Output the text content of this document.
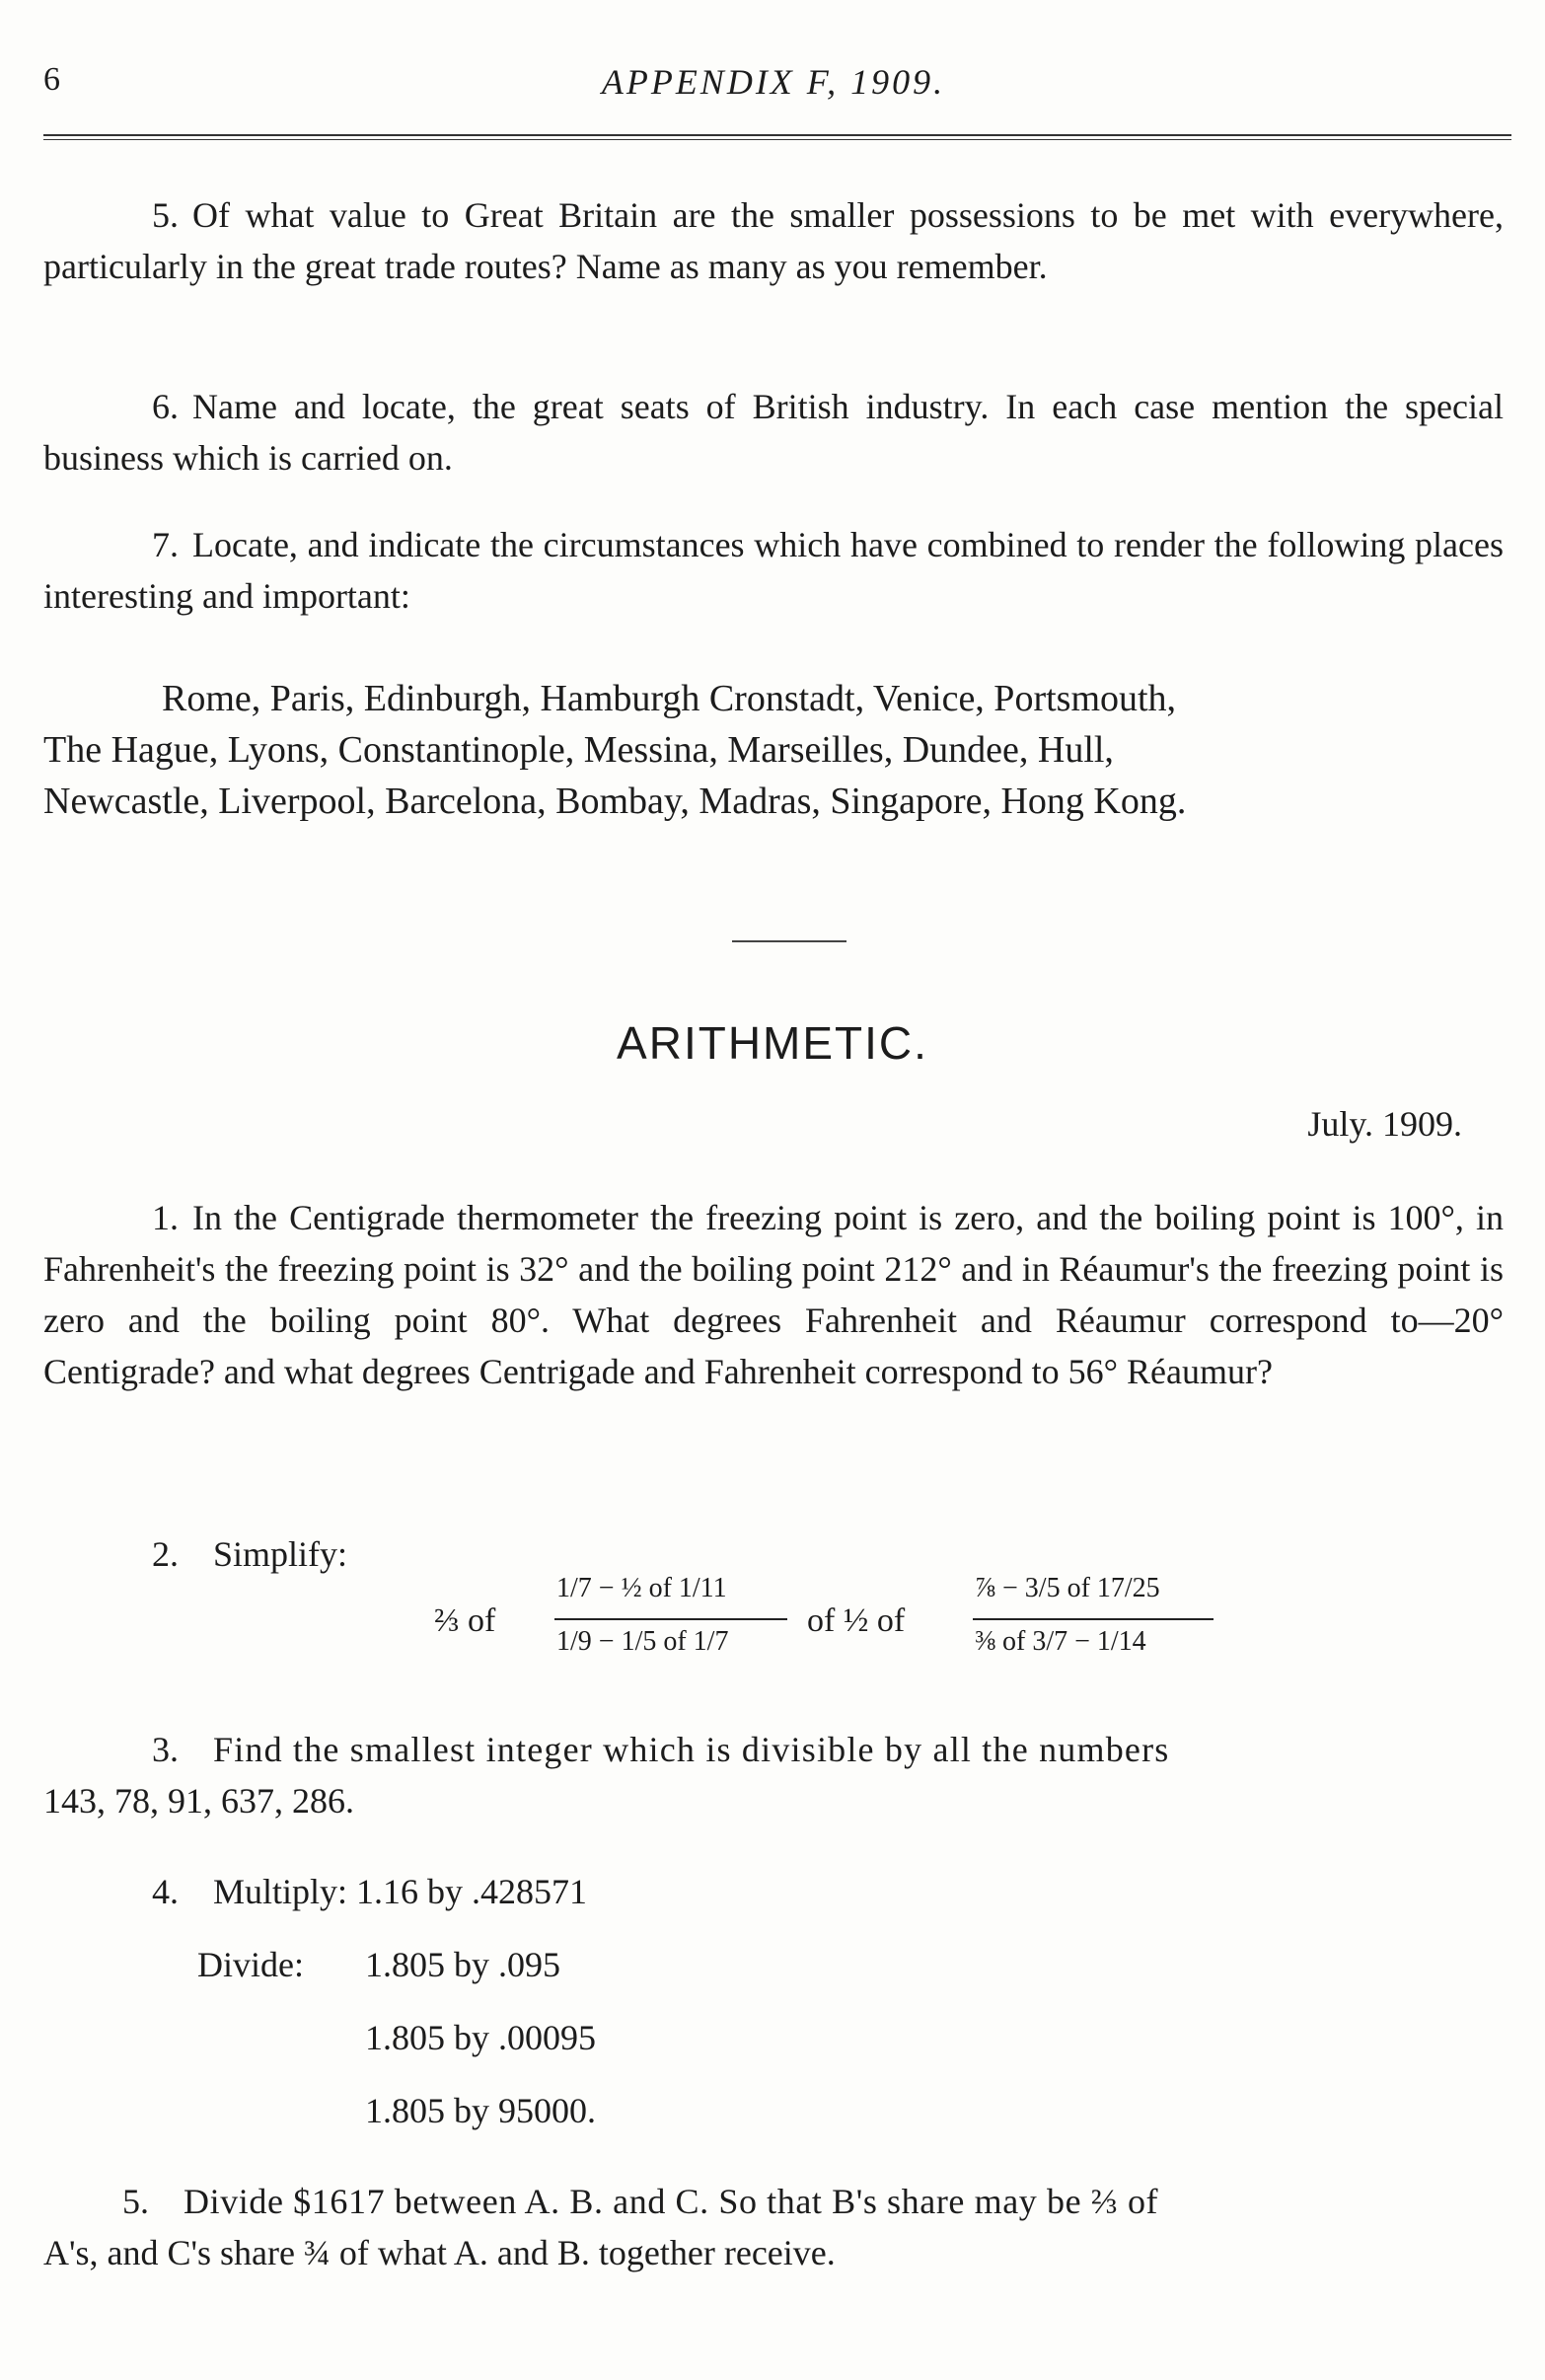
6	APPENDIX F, 1909.

5. Of what value to Great Britain are the smaller possessions to be met with everywhere, particularly in the great trade routes? Name as many as you remember.

6. Name and locate, the great seats of British industry. In each case mention the special business which is carried on.

7. Locate, and indicate the circumstances which have combined to render the following places interesting and important:

Rome, Paris, Edinburgh, Hamburgh Cronstadt, Venice, Portsmouth,
The Hague, Lyons, Constantinople, Messina, Marseilles, Dundee, Hull,
Newcastle, Liverpool, Barcelona, Bombay, Madras, Singapore, Hong Kong.
ARITHMETIC.
July. 1909.

1. In the Centigrade thermometer the freezing point is zero, and the boiling point is 100°, in Fahrenheit's the freezing point is 32° and the boiling point 212° and in Réaumur's the freezing point is zero and the boiling point 80°. What degrees Fahrenheit and Réaumur correspond to—20° Centigrade? and what degrees Centrigade and Fahrenheit correspond to 56° Réaumur?

2. Simplify:
⅔ of
1/7 − ½ of 1/11
1/9 − 1/5 of 1/7
of ½ of
⅞ − 3/5 of 17/25
⅜ of 3/7 − 1/14
3. Find the smallest integer which is divisible by all the numbers
143, 78, 91, 637, 286.
4. Multiply: 1.16 by .428571
Divide: 1.805 by .095
1.805 by .00095
1.805 by 95000.
5. Divide $1617 between A. B. and C. So that B's share may be ⅔ of
A's, and C's share ¾ of what A. and B. together receive.
